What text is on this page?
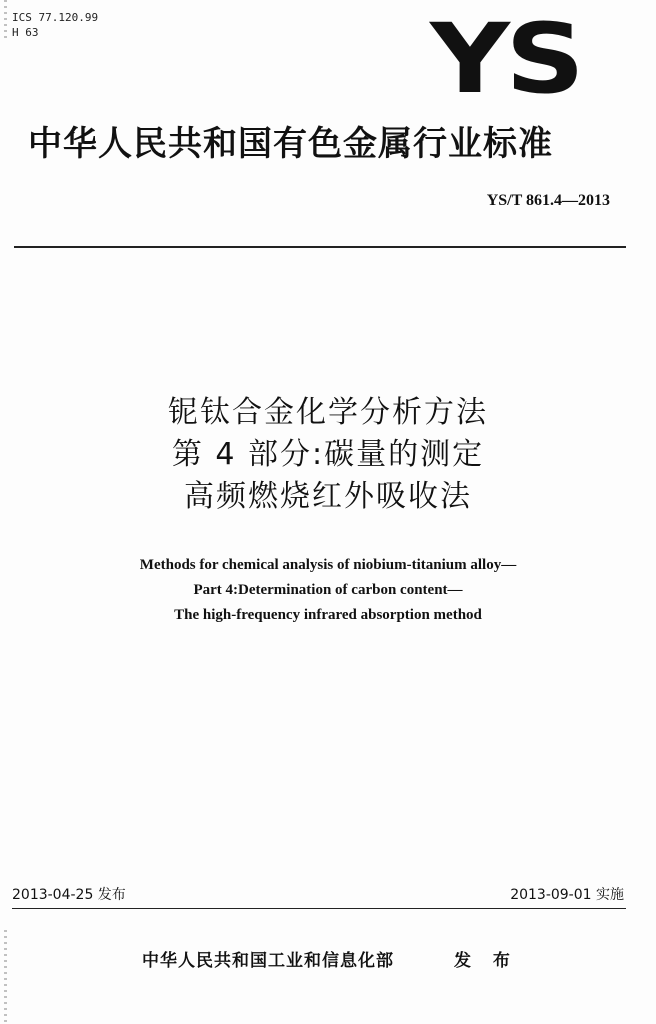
ICS 77.120.99
H 63	YS
中华人民共和国有色金属行业标准
YS/T 861.4—2013
铌钛合金化学分析方法
第 4 部分:碳量的测定
高频燃烧红外吸收法
Methods for chemical analysis of niobium-titanium alloy—
Part 4:Determination of carbon content—
The high-frequency infrared absorption method
2013-04-25 发布	2013-09-01 实施
中华人民共和国工业和信息化部	发 布
